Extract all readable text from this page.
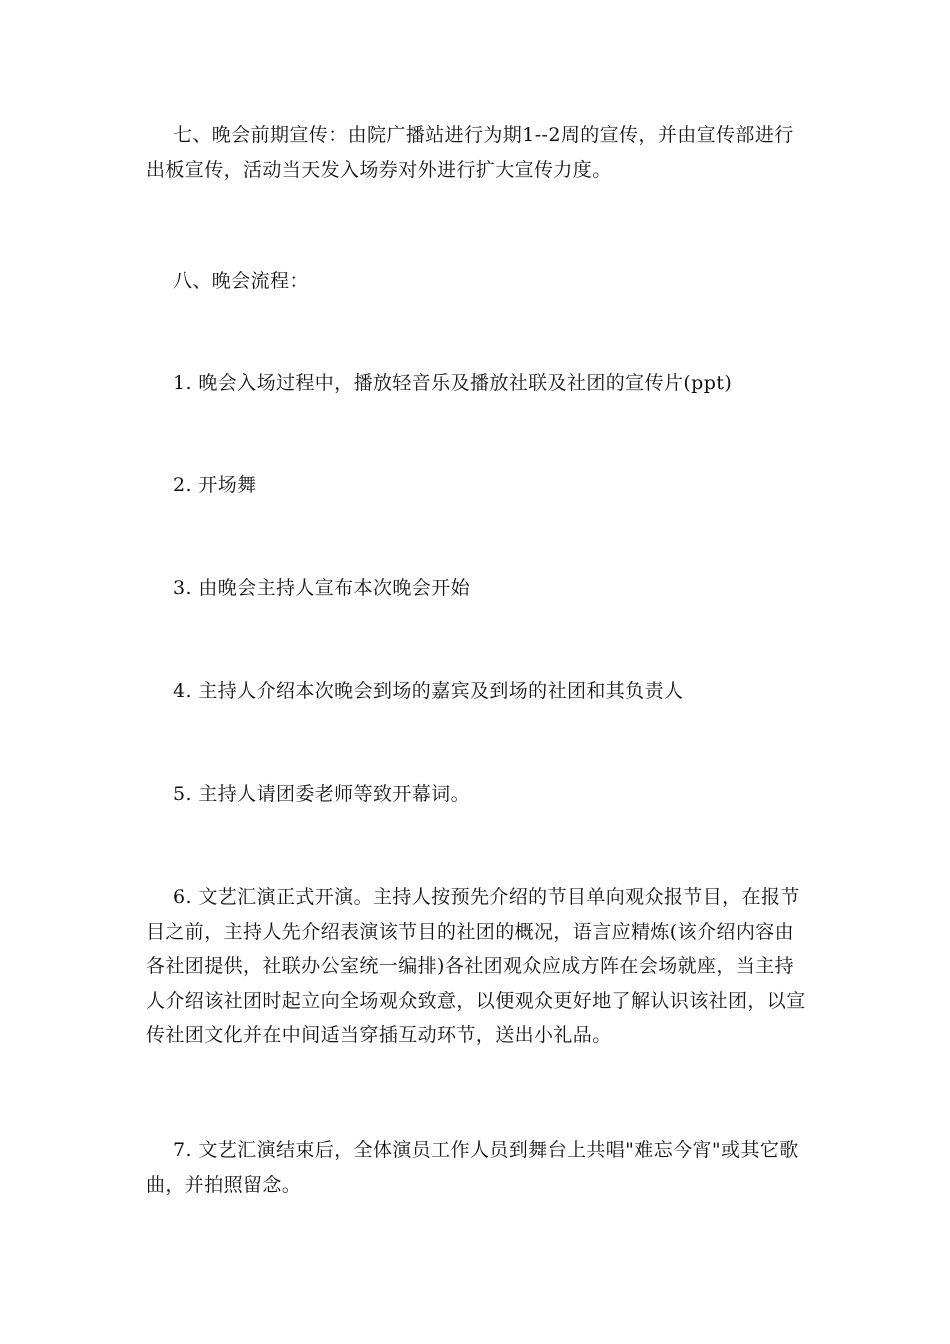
七、晚会前期宣传：由院广播站进行为期1--2周的宣传，并由宣传部进行出板宣传，活动当天发入场券对外进行扩大宣传力度。

八、晚会流程：

1. 晚会入场过程中，播放轻音乐及播放社联及社团的宣传片(ppt)

2. 开场舞

3. 由晚会主持人宣布本次晚会开始

4. 主持人介绍本次晚会到场的嘉宾及到场的社团和其负责人

5. 主持人请团委老师等致开幕词。

6. 文艺汇演正式开演。主持人按预先介绍的节目单向观众报节目，在报节目之前，主持人先介绍表演该节目的社团的概况，语言应精炼(该介绍内容由各社团提供，社联办公室统一编排)各社团观众应成方阵在会场就座，当主持人介绍该社团时起立向全场观众致意，以便观众更好地了解认识该社团，以宣传社团文化并在中间适当穿插互动环节，送出小礼品。

7. 文艺汇演结束后，全体演员工作人员到舞台上共唱"难忘今宵"或其它歌曲，并拍照留念。
